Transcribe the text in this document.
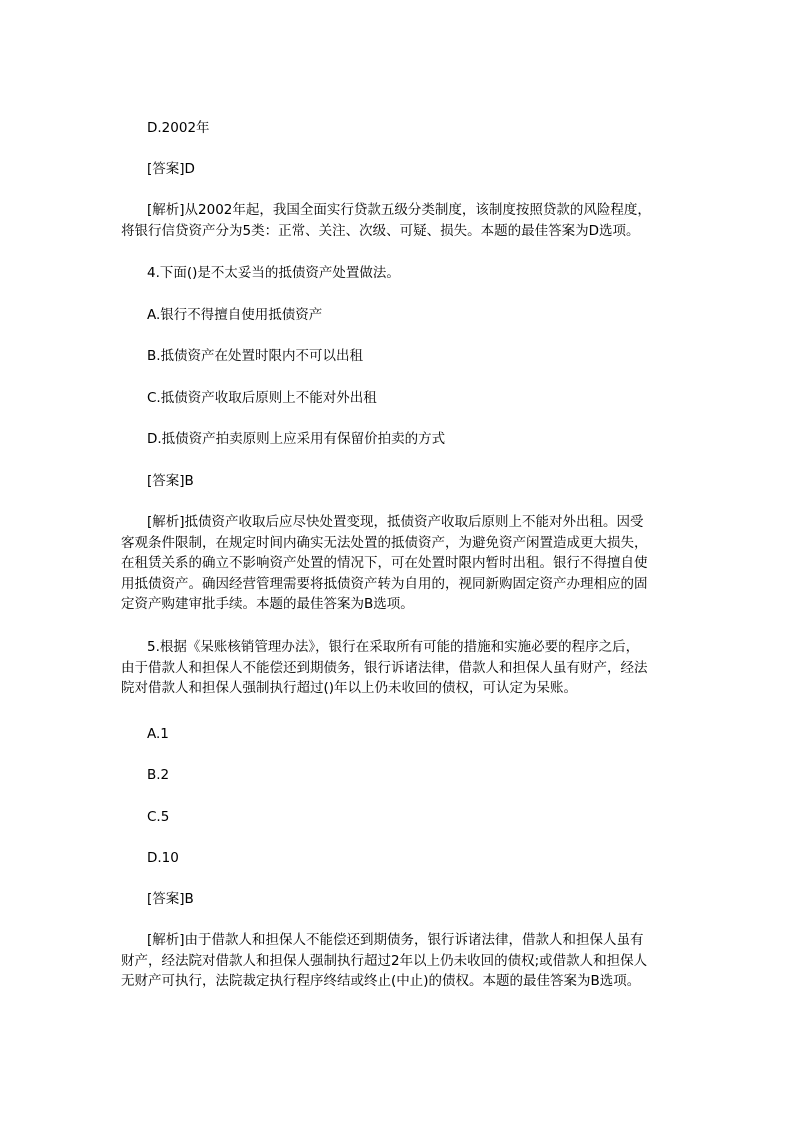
D.2002年
[答案]D
[解析]从2002年起，我国全面实行贷款五级分类制度，该制度按照贷款的风险程度，
将银行信贷资产分为5类：正常、关注、次级、可疑、损失。本题的最佳答案为D选项。
4.下面()是不太妥当的抵债资产处置做法。
A.银行不得擅自使用抵债资产
B.抵债资产在处置时限内不可以出租
C.抵债资产收取后原则上不能对外出租
D.抵债资产拍卖原则上应采用有保留价拍卖的方式
[答案]B
[解析]抵债资产收取后应尽快处置变现，抵债资产收取后原则上不能对外出租。因受
客观条件限制，在规定时间内确实无法处置的抵债资产，为避免资产闲置造成更大损失，
在租赁关系的确立不影响资产处置的情况下，可在处置时限内暂时出租。银行不得擅自使
用抵债资产。确因经营管理需要将抵债资产转为自用的，视同新购固定资产办理相应的固
定资产购建审批手续。本题的最佳答案为B选项。
5.根据《呆账核销管理办法》，银行在采取所有可能的措施和实施必要的程序之后，
由于借款人和担保人不能偿还到期债务，银行诉诸法律，借款人和担保人虽有财产，经法
院对借款人和担保人强制执行超过()年以上仍未收回的债权，可认定为呆账。
A.1
B.2
C.5
D.10
[答案]B
[解析]由于借款人和担保人不能偿还到期债务，银行诉诸法律，借款人和担保人虽有
财产，经法院对借款人和担保人强制执行超过2年以上仍未收回的债权;或借款人和担保人
无财产可执行，法院裁定执行程序终结或终止(中止)的债权。本题的最佳答案为B选项。
